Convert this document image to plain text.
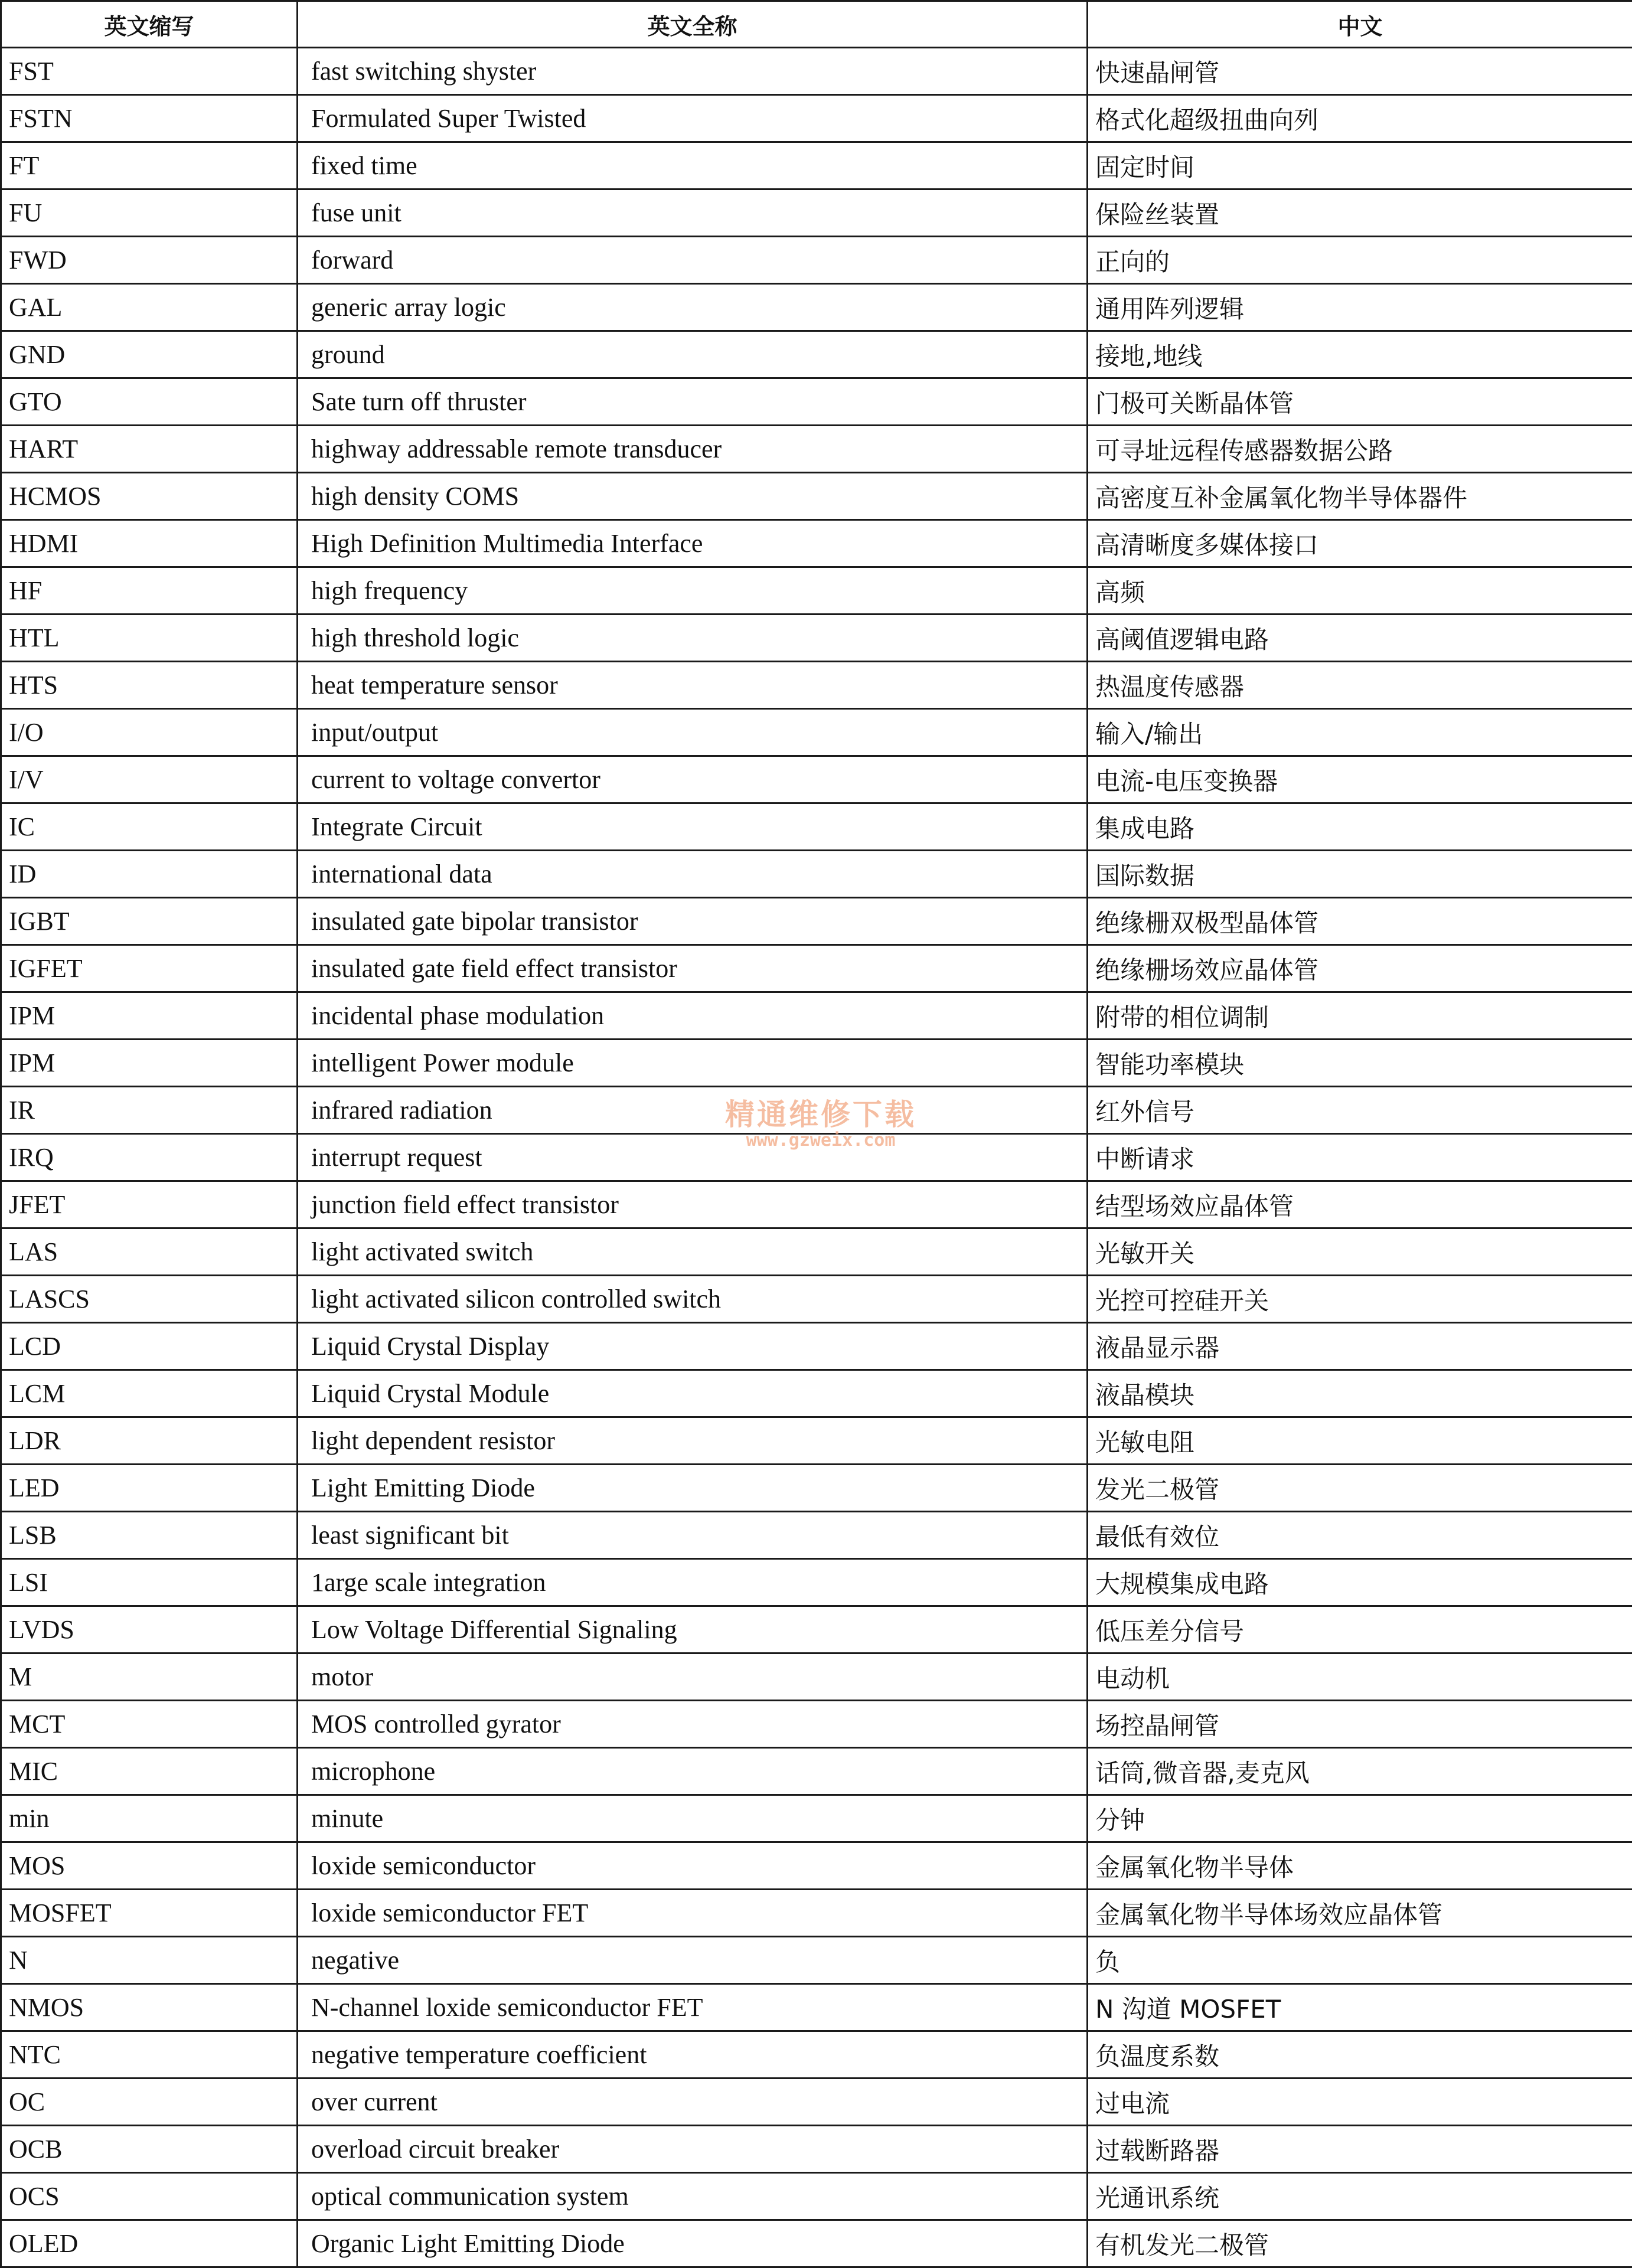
英文缩写	英文全称	中文
FST	fast switching shyster	快速晶闸管
FSTN	Formulated Super Twisted	格式化超级扭曲向列
FT	fixed time	固定时间
FU	fuse unit	保险丝装置
FWD	forward	正向的
GAL	generic array logic	通用阵列逻辑
GND	ground	接地,地线
GTO	Sate turn off thruster	门极可关断晶体管
HART	highway addressable remote transducer	可寻址远程传感器数据公路
HCMOS	high density COMS	高密度互补金属氧化物半导体器件
HDMI	High Definition Multimedia Interface	高清晰度多媒体接口
HF	high frequency	高频
HTL	high threshold logic	高阈值逻辑电路
HTS	heat temperature sensor	热温度传感器
I/O	input/output	输入/输出
I/V	current to voltage convertor	电流-电压变换器
IC	Integrate Circuit	集成电路
ID	international data	国际数据
IGBT	insulated gate bipolar transistor	绝缘栅双极型晶体管
IGFET	insulated gate field effect transistor	绝缘栅场效应晶体管
IPM	incidental phase modulation	附带的相位调制
IPM	intelligent Power module	智能功率模块
IR	infrared radiation	红外信号
IRQ	interrupt request	中断请求
JFET	junction field effect transistor	结型场效应晶体管
LAS	light activated switch	光敏开关
LASCS	light activated silicon controlled switch	光控可控硅开关
LCD	Liquid Crystal Display	液晶显示器
LCM	Liquid Crystal Module	液晶模块
LDR	light dependent resistor	光敏电阻
LED	Light Emitting Diode	发光二极管
LSB	least significant bit	最低有效位
LSI	1arge scale integration	大规模集成电路
LVDS	Low Voltage Differential Signaling	低压差分信号
M	motor	电动机
MCT	MOS controlled gyrator	场控晶闸管
MIC	microphone	话筒,微音器,麦克风
min	minute	分钟
MOS	loxide semiconductor	金属氧化物半导体
MOSFET	loxide semiconductor FET	金属氧化物半导体场效应晶体管
N	negative	负
NMOS	N-channel loxide semiconductor FET	N 沟道 MOSFET
NTC	negative temperature coefficient	负温度系数
OC	over current	过电流
OCB	overload circuit breaker	过载断路器
OCS	optical communication system	光通讯系统
OLED	Organic Light Emitting Diode	有机发光二极管
精通维修下载
www.gzweix.com
